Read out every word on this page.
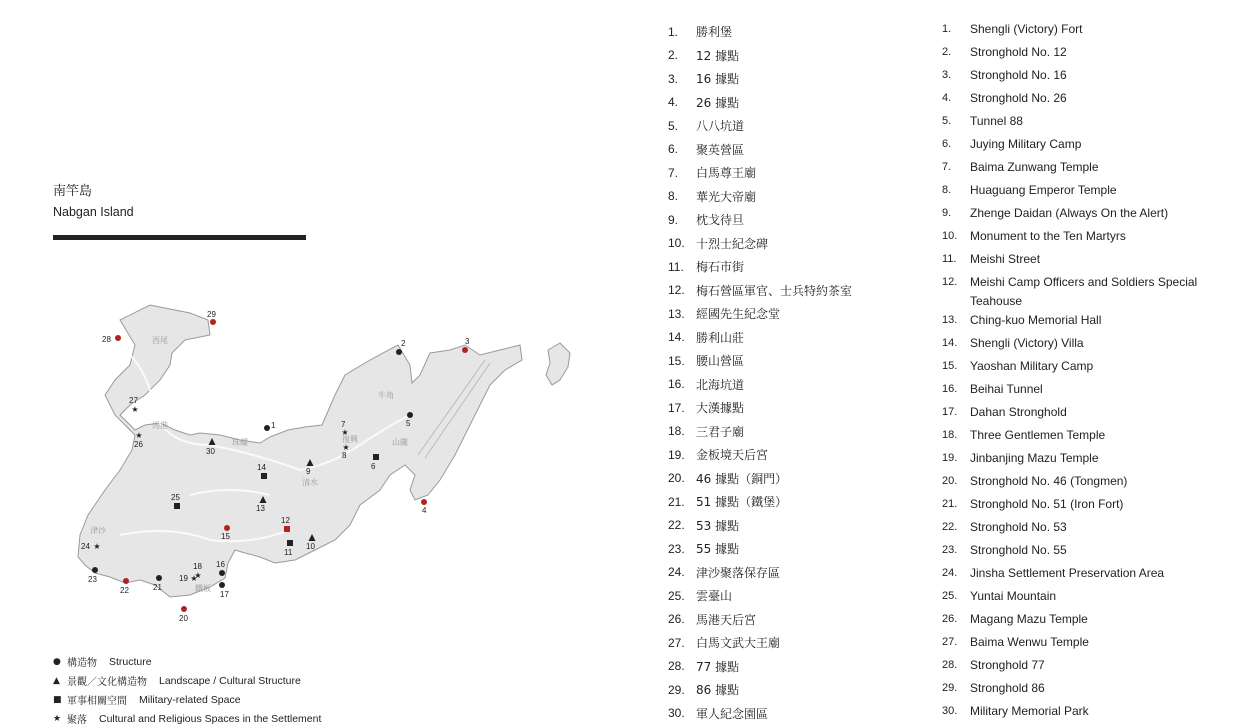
南竿島
Nabgan Island
西尾
馬港
珠螺	復興
清水
牛角
山隴
津沙
鐵板
1
2	3
4
5
6
★
7
★
8
9
10
11
12
13
14
15
16
17
★
18
★
19
20
21
22
23
★
24
25
★
26
★
27
28
29
30
● 構造物 Structure
▲ 景觀／文化構造物 Landscape / Cultural Structure
■ 軍事相關空間 Military-related Space
★ 聚落 Cultural and Religious Spaces in the Settlement
1.	勝利堡
2.	12 據點
3.	16 據點
4.	26 據點
5.	八八坑道
6.	聚英營區
7.	白馬尊王廟
8.	華光大帝廟
9.	枕戈待旦
10. 十烈士紀念碑
11.	梅石市街
12. 梅石營區軍官、士兵特約茶室
13. 經國先生紀念堂
14. 勝利山莊
15. 腰山營區
16. 北海坑道
17. 大漢據點
18. 三君子廟
19. 金板境天后宮
20. 46 據點（銅門）
21. 51 據點（鐵堡）
22. 53 據點
23. 55 據點
24. 津沙聚落保存區
25. 雲臺山
26. 馬港天后宮
27. 白馬文武大王廟
28. 77 據點
29. 86 據點
30. 軍人紀念園區
1.	Shengli (Victory) Fort
2.	Stronghold No. 12
3.	Stronghold No. 16
4.	Stronghold No. 26
5.	Tunnel 88
6.	Juying Military Camp
7.	Baima Zunwang Temple
8.	Huaguang Emperor Temple
9.	Zhenge Daidan (Always On the Alert)
10.	Monument to the Ten Martyrs
11.	Meishi Street
12.	Meishi Camp Officers and Soldiers Special Teahouse
13.	Ching-kuo Memorial Hall
14.	Shengli (Victory) Villa
15.	Yaoshan Military Camp
16.	Beihai Tunnel
17.	Dahan Stronghold
18.	Three Gentlemen Temple
19.	Jinbanjing Mazu Temple
20.	Stronghold No. 46 (Tongmen)
21.	Stronghold No. 51 (Iron Fort)
22.	Stronghold No. 53
23.	Stronghold No. 55
24.	Jinsha Settlement Preservation Area
25.	Yuntai Mountain
26.	Magang Mazu Temple
27.	Baima Wenwu Temple
28.	Stronghold 77
29.	Stronghold 86
30.	Military Memorial Park
